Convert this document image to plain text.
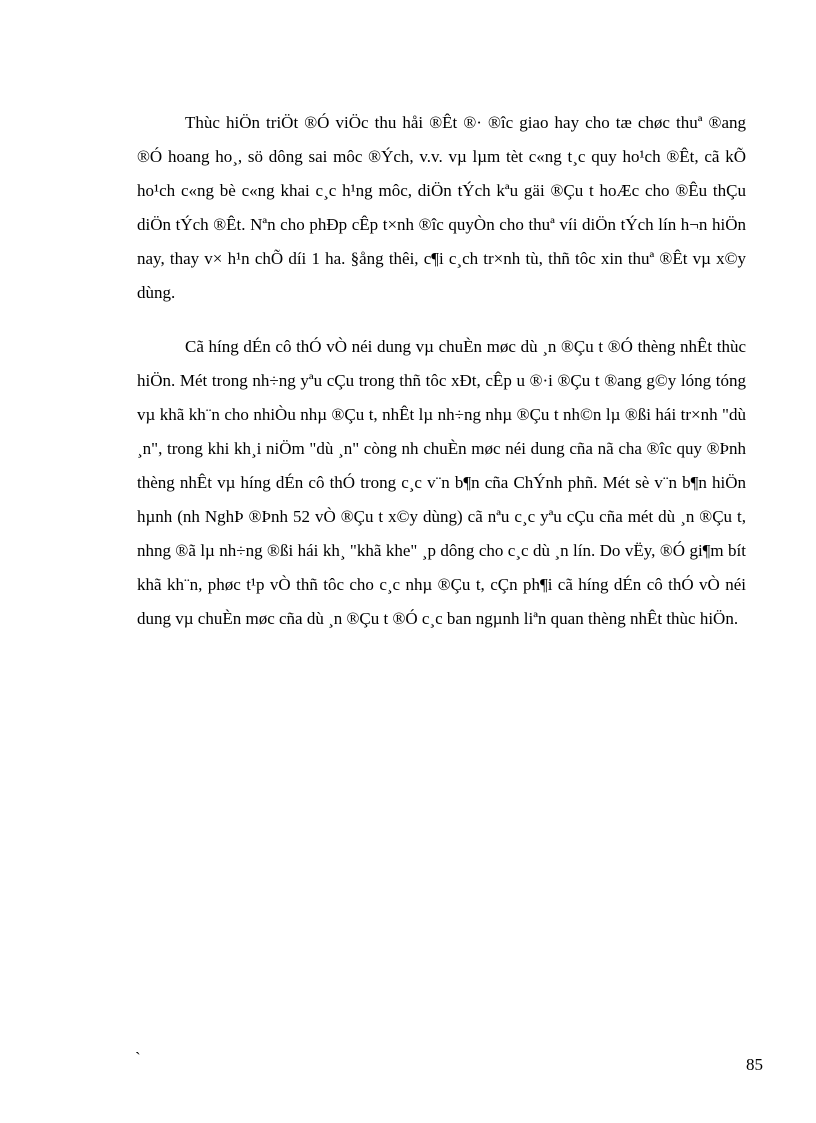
Thùc hiÖn triÖt ®Ó viÖc thu håi ®Êt ®· ®îc giao hay cho tæ chøc thuª ®ang ®Ó hoang ho¸, sö dông sai môc ®Ých, v.v. vµ lµm tèt c«ng t¸c quy ho¹ch ®Êt, cã kÕ ho¹ch c«ng bè c«ng khai c¸c h¹ng môc, diÖn tÝch kªu gäi ®Çu t hoÆc cho ®Êu thÇu diÖn tÝch ®Êt. Nªn cho phÐp cÊp t×nh ®îc quyÒn cho thuª víi diÖn tÝch lín h¬n hiÖn nay, thay v× h¹n chÕ díi 1 ha. §ång thêi, c¶i c¸ch tr×nh tù, thñ tôc xin thuª ®Êt vµ x©y dùng.

Cã híng dÉn cô thÓ vÒ néi dung vµ chuÈn møc dù ¸n ®Çu t ®Ó thèng nhÊt thùc hiÖn. Mét trong nh÷ng yªu cÇu trong thñ tôc xÐt, cÊp u ®·i ®Çu t ®ang g©y lóng tóng vµ khã kh¨n cho nhiÒu nhµ ®Çu t, nhÊt lµ nh÷ng nhµ ®Çu t nh©n lµ ®ßi hái tr×nh "dù ¸n", trong khi kh¸i niÖm "dù ¸n" còng nh chuÈn møc néi dung cña nã cha ®îc quy ®Þnh thèng nhÊt vµ híng dÉn cô thÓ trong c¸c v¨n b¶n cña ChÝnh phñ. Mét sè v¨n b¶n hiÖn hµnh (nh NghÞ ®Þnh 52 vÒ ®Çu t x©y dùng) cã nªu c¸c yªu cÇu cña mét dù ¸n ®Çu t, nhng ®ã lµ nh÷ng ®ßi hái kh¸ "khã khe" ¸p dông cho c¸c dù ¸n lín. Do vËy, ®Ó gi¶m bít khã kh¨n, phøc t¹p vÒ thñ tôc cho c¸c nhµ ®Çu t, cÇn ph¶i cã híng dÉn cô thÓ vÒ néi dung vµ chuÈn møc cña dù ¸n ®Çu t ®Ó c¸c ban ngµnh liªn quan thèng nhÊt thùc hiÖn.

`	85
